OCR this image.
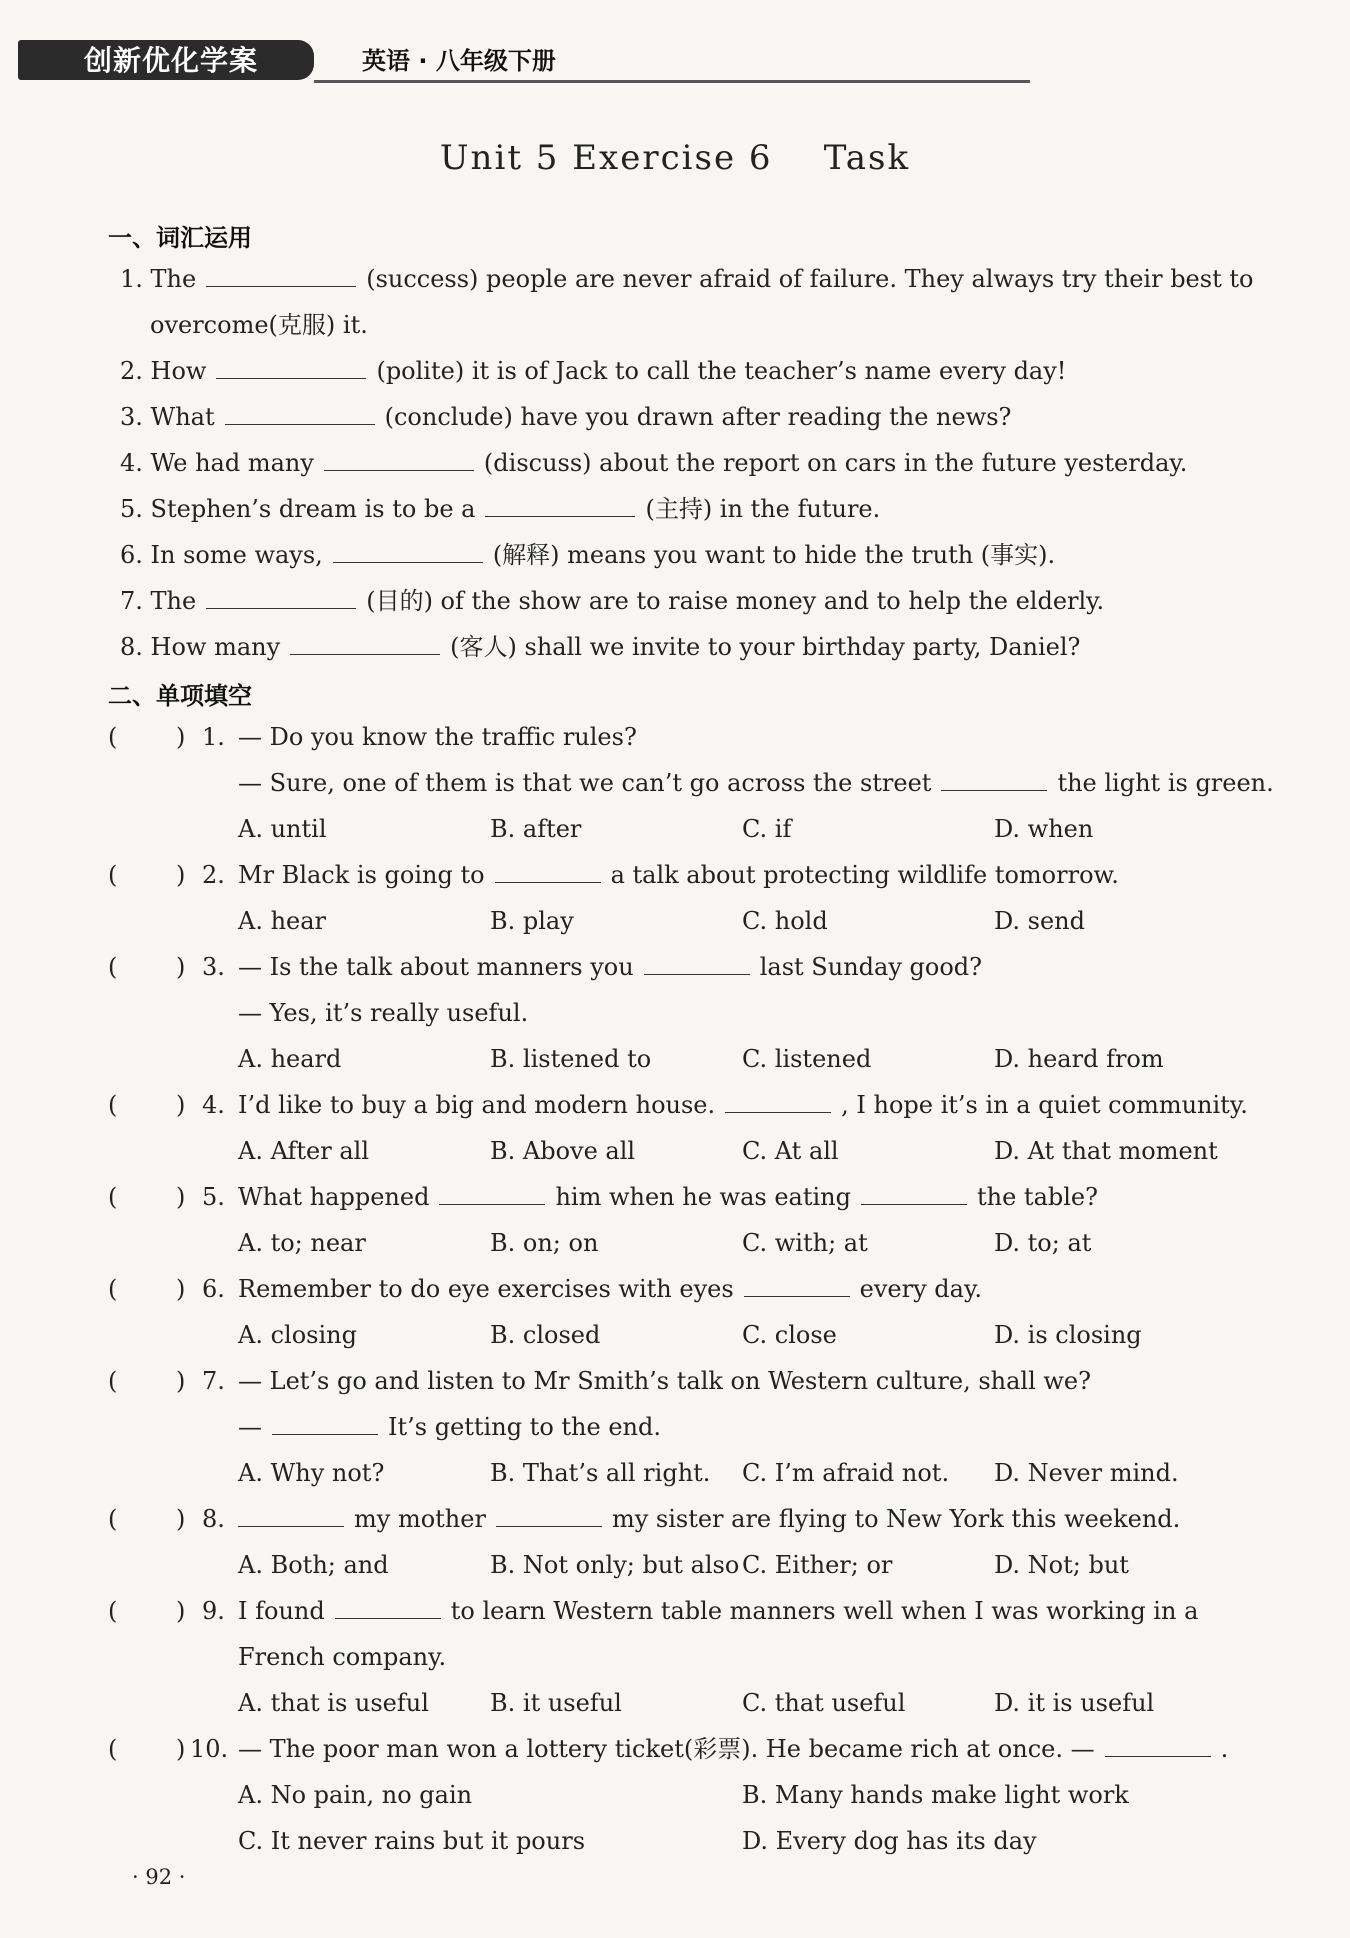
创新优化学案	英语 · 八年级下册
Unit 5 Exercise 6    Task
一、词汇运用
1. The	(success) people are never afraid of failure. They always try their best to
overcome(克服) it.
2. How	(polite) it is of Jack to call the teacher’s name every day!
3. What	(conclude) have you drawn after reading the news?
4. We had many	(discuss) about the report on cars in the future yesterday.
5. Stephen’s dream is to be a	(主持) in the future.
6. In some ways,	(解释) means you want to hide the truth (事实).
7. The	(目的) of the show are to raise money and to help the elderly.
8. How many	(客人) shall we invite to your birthday party, Daniel?
二、单项填空
( ) 1. — Do you know the traffic rules?
— Sure, one of them is that we can’t go across the street	the light is green.
A. until	B. after	C. if	D. when
( ) 2. Mr Black is going to	a talk about protecting wildlife tomorrow.
A. hear	B. play	C. hold	D. send
( ) 3. — Is the talk about manners you	last Sunday good?
— Yes, it’s really useful.
A. heard	B. listened to	C. listened	D. heard from
( ) 4. I’d like to buy a big and modern house.	, I hope it’s in a quiet community.
A. After all	B. Above all	C. At all	D. At that moment
( ) 5. What happened	him when he was eating	the table?
A. to; near	B. on; on	C. with; at	D. to; at
( ) 6. Remember to do eye exercises with eyes	every day.
A. closing	B. closed	C. close	D. is closing
( ) 7. — Let’s go and listen to Mr Smith’s talk on Western culture, shall we?
—	It’s getting to the end.
A. Why not?	B. That’s all right. C. I’m afraid not. D. Never mind.
( ) 8.	my mother	my sister are flying to New York this weekend.
A. Both; and	B. Not only; but also C. Either; or	D. Not; but
( ) 9. I found	to learn Western table manners well when I was working in a
French company.
A. that is useful	B. it useful	C. that useful	D. it is useful
( ) 10. — The poor man won a lottery ticket(彩票). He became rich at once. —	.
A. No pain, no gain	B. Many hands make light work
C. It never rains but it pours	D. Every dog has its day
· 92 ·
